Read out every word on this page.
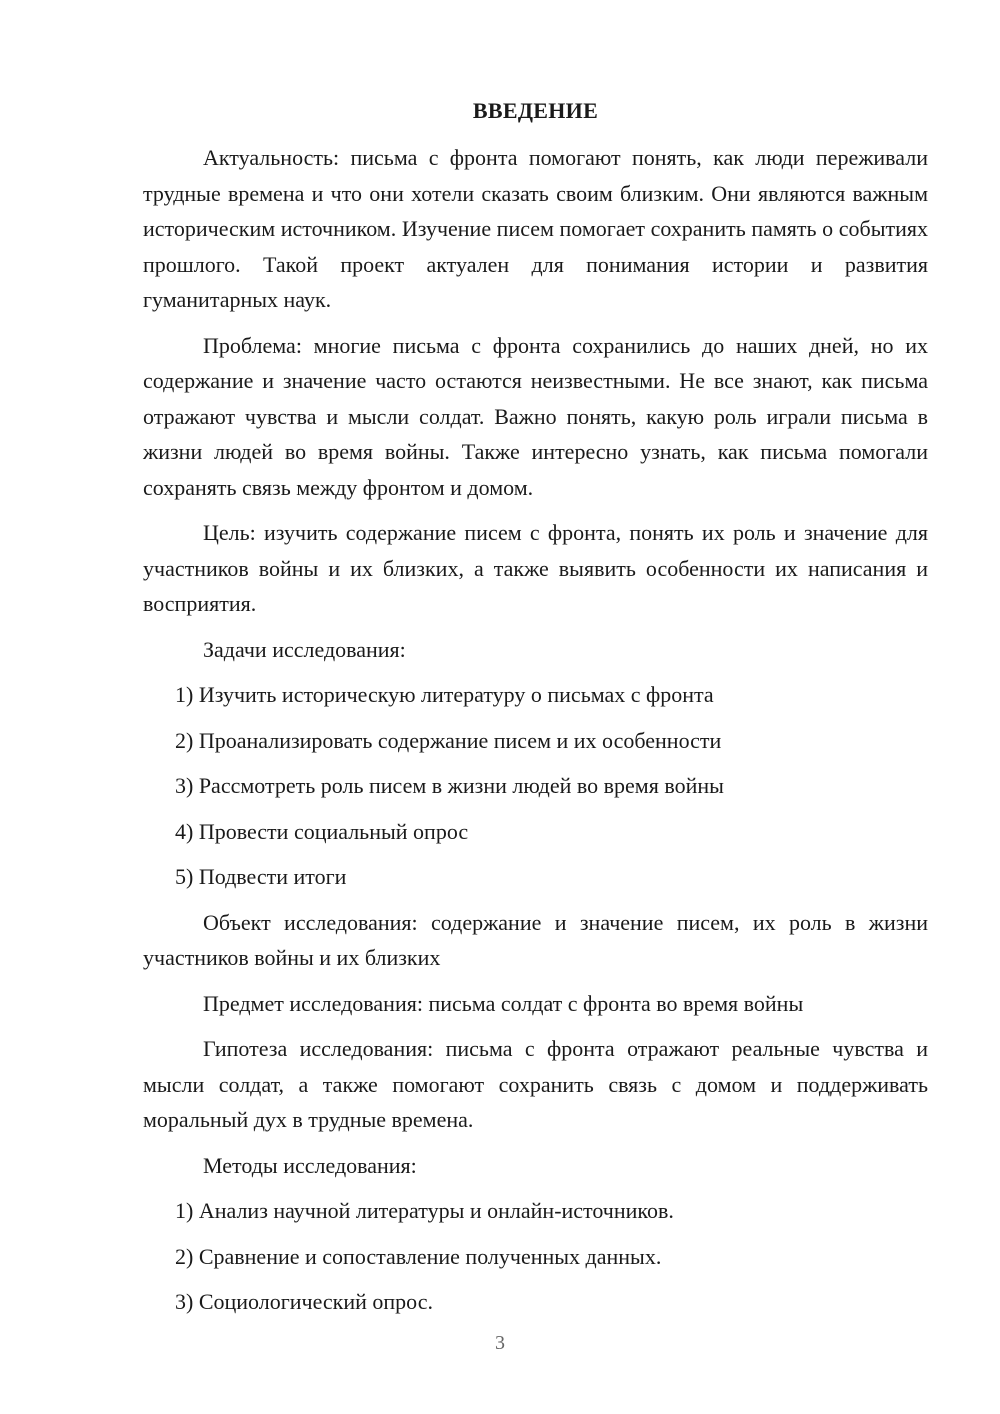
ВВЕДЕНИЕ

Актуальность: письма с фронта помогают понять, как люди переживали трудные времена и что они хотели сказать своим близким. Они являются важным историческим источником. Изучение писем помогает сохранить память о событиях прошлого. Такой проект актуален для понимания истории и развития гуманитарных наук.

Проблема: многие письма с фронта сохранились до наших дней, но их содержание и значение часто остаются неизвестными. Не все знают, как письма отражают чувства и мысли солдат. Важно понять, какую роль играли письма в жизни людей во время войны. Также интересно узнать, как письма помогали сохранять связь между фронтом и домом.

Цель: изучить содержание писем с фронта, понять их роль и значение для участников войны и их близких, а также выявить особенности их написания и восприятия.

Задачи исследования:

1) Изучить историческую литературу о письмах с фронта
2) Проанализировать содержание писем и их особенности
3) Рассмотреть роль писем в жизни людей во время войны
4) Провести социальный опрос
5) Подвести итоги

Объект исследования: содержание и значение писем, их роль в жизни участников войны и их близких

Предмет исследования: письма солдат с фронта во время войны

Гипотеза исследования: письма с фронта отражают реальные чувства и мысли солдат, а также помогают сохранить связь с домом и поддерживать моральный дух в трудные времена.

Методы исследования:

1) Анализ научной литературы и онлайн-источников.
2) Сравнение и сопоставление полученных данных.
3) Социологический опрос.
3
